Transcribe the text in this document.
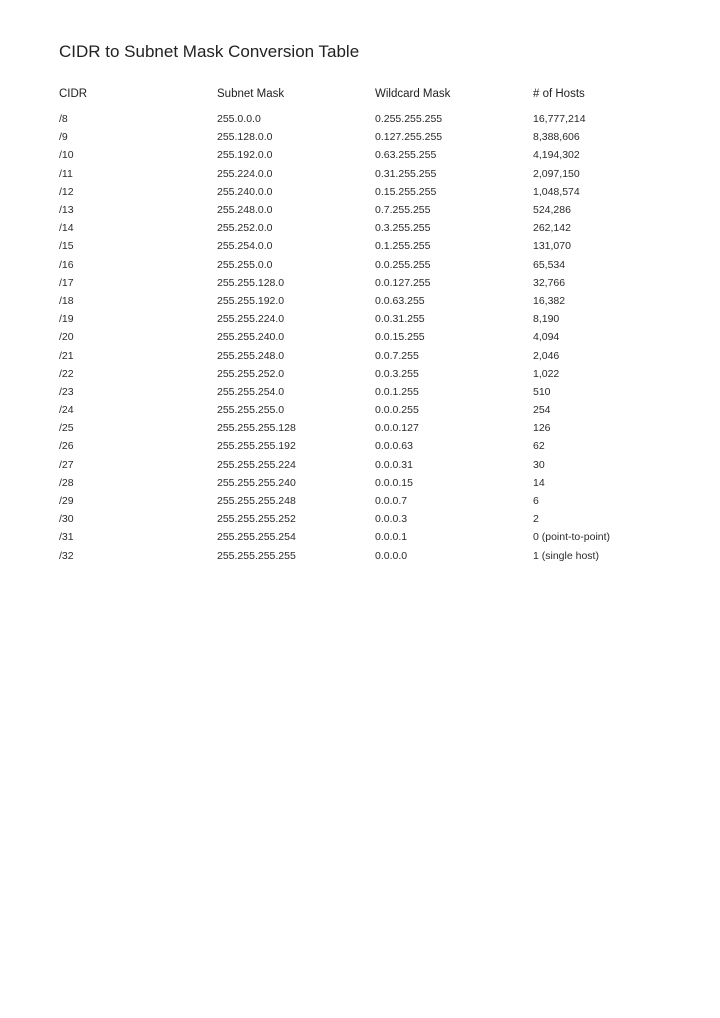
CIDR to Subnet Mask Conversion Table
CIDR	Subnet Mask	Wildcard Mask	# of Hosts
/8	255.0.0.0	0.255.255.255	16,777,214
/9	255.128.0.0	0.127.255.255	8,388,606
/10	255.192.0.0	0.63.255.255	4,194,302
/11	255.224.0.0	0.31.255.255	2,097,150
/12	255.240.0.0	0.15.255.255	1,048,574
/13	255.248.0.0	0.7.255.255	524,286
/14	255.252.0.0	0.3.255.255	262,142
/15	255.254.0.0	0.1.255.255	131,070
/16	255.255.0.0	0.0.255.255	65,534
/17	255.255.128.0	0.0.127.255	32,766
/18	255.255.192.0	0.0.63.255	16,382
/19	255.255.224.0	0.0.31.255	8,190
/20	255.255.240.0	0.0.15.255	4,094
/21	255.255.248.0	0.0.7.255	2,046
/22	255.255.252.0	0.0.3.255	1,022
/23	255.255.254.0	0.0.1.255	510
/24	255.255.255.0	0.0.0.255	254
/25	255.255.255.128	0.0.0.127	126
/26	255.255.255.192	0.0.0.63	62
/27	255.255.255.224	0.0.0.31	30
/28	255.255.255.240	0.0.0.15	14
/29	255.255.255.248	0.0.0.7	6
/30	255.255.255.252	0.0.0.3	2
/31	255.255.255.254	0.0.0.1	0 (point-to-point)
/32	255.255.255.255	0.0.0.0	1 (single host)
